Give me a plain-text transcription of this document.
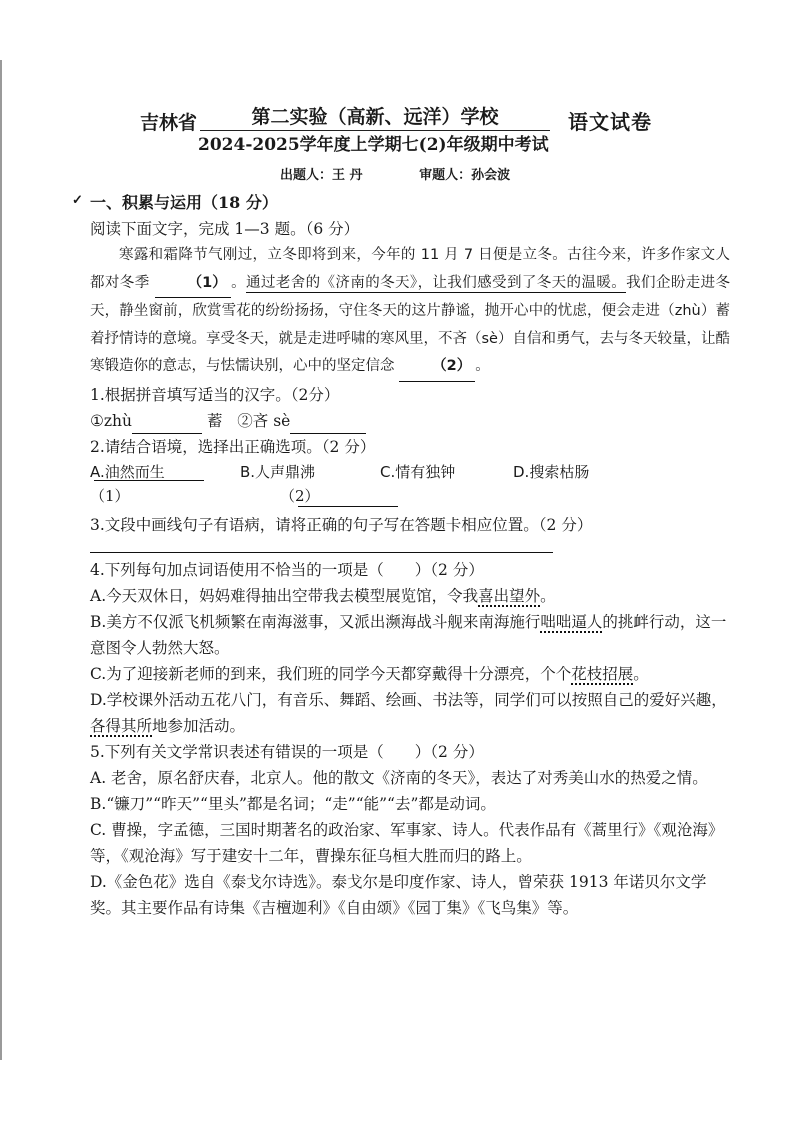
吉林省	第二实验（高新、远洋）学校	语文试卷
2024-2025学年度上学期七(2)年级期中考试
出题人：王 丹	审题人：孙会波
✓ 一、积累与运用（18 分）
阅读下面文字，完成 1—3 题。（6 分）
寒露和霜降节气刚过，立冬即将到来，今年的 11 月 7 日便是立冬。古往今来，许多作家文人都对冬季	（1） 。通过老舍的《济南的冬天》，让我们感受到了冬天的温暖。我们企盼走进冬天，静坐窗前，欣赏雪花的纷纷扬扬，守住冬天的这片静谧，抛开心中的忧虑，便会走进（zhù）蓄着抒情诗的意境。享受冬天，就是走进呼啸的寒风里，不吝（sè）自信和勇气，去与冬天较量，让酷寒锻造你的意志，与怯懦诀别，心中的坚定信念	（2） 。
1.根据拼音填写适当的汉字。（2分）
①zhù	蓄 ②吝 sè
2.请结合语境，选择出正确选项。（2 分）
A.油然而生	B.人声鼎沸	C.情有独钟	D.搜索枯肠
（1）	（2）
3.文段中画线句子有语病，请将正确的句子写在答题卡相应位置。（2 分）
4.下列每句加点词语使用不恰当的一项是（　　）（2 分）

A.今天双休日，妈妈难得抽出空带我去模型展览馆，令我喜出望外。

B.美方不仅派飞机频繁在南海滋事，又派出濒海战斗舰来南海施行咄咄逼人的挑衅行动，这一意图令人勃然大怒。

C.为了迎接新老师的到来，我们班的同学今天都穿戴得十分漂亮，个个花枝招展。

D.学校课外活动五花八门，有音乐、舞蹈、绘画、书法等，同学们可以按照自己的爱好兴趣，各得其所地参加活动。

5.下列有关文学常识表述有错误的一项是（　　）（2 分）

A. 老舍，原名舒庆春，北京人。他的散文《济南的冬天》，表达了对秀美山水的热爱之情。

B.“镰刀”“昨天”“里头”都是名词；“走”“能”“去”都是动词。

C. 曹操，字孟德，三国时期著名的政治家、军事家、诗人。代表作品有《蒿里行》《观沧海》等，《观沧海》写于建安十二年，曹操东征乌桓大胜而归的路上。

D.《金色花》选自《泰戈尔诗选》。泰戈尔是印度作家、诗人，曾荣获 1913 年诺贝尔文学奖。其主要作品有诗集《吉檀迦利》《自由颂》《园丁集》《飞鸟集》等。
